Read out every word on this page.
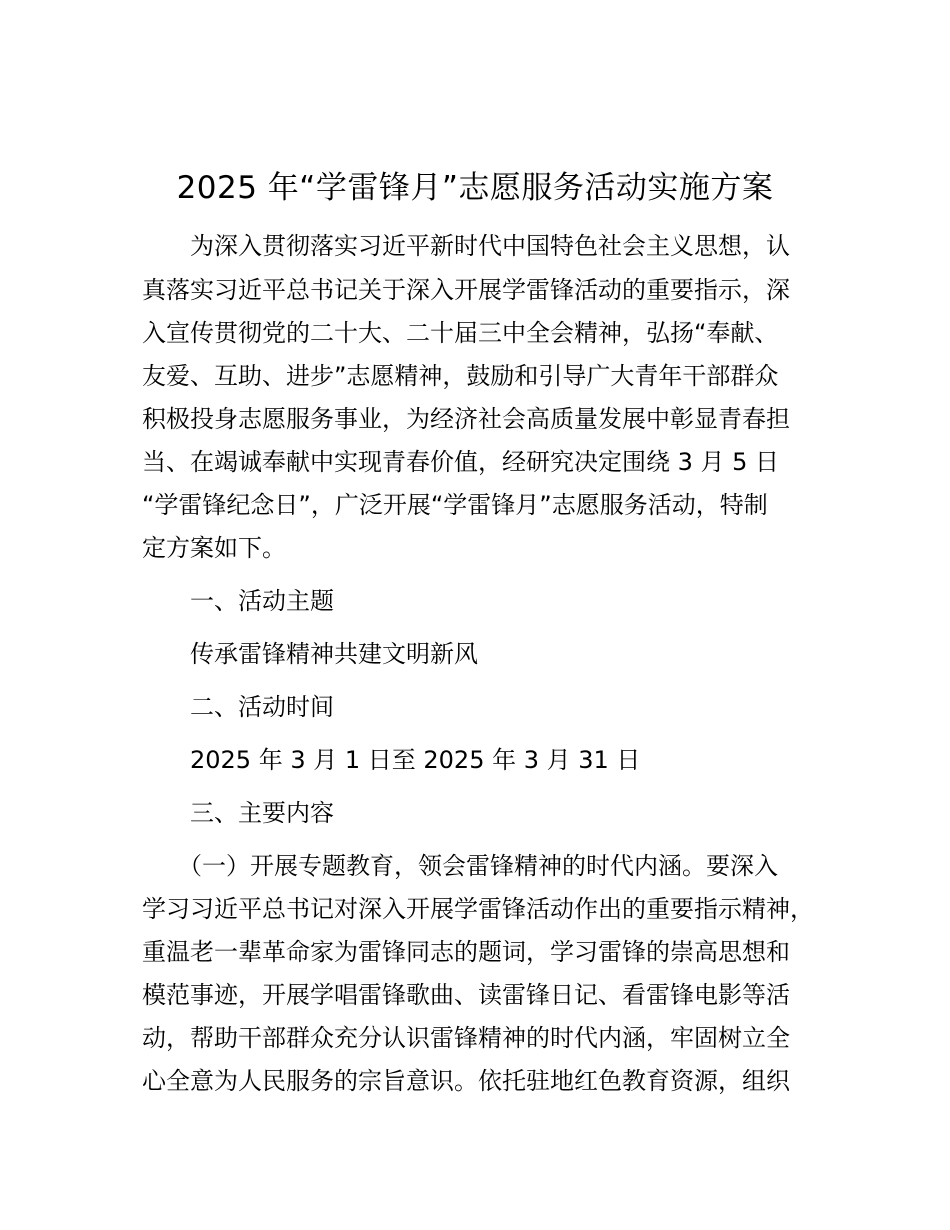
2025 年“学雷锋月”志愿服务活动实施方案

为深入贯彻落实习近平新时代中国特色社会主义思想，认

真落实习近平总书记关于深入开展学雷锋活动的重要指示，深

入宣传贯彻党的二十大、二十届三中全会精神，弘扬“奉献、

友爱、互助、进步”志愿精神，鼓励和引导广大青年干部群众

积极投身志愿服务事业，为经济社会高质量发展中彰显青春担

当、在竭诚奉献中实现青春价值，经研究决定围绕 3 月 5 日

“学雷锋纪念日”，广泛开展“学雷锋月”志愿服务活动，特制

定方案如下。

一、活动主题

传承雷锋精神共建文明新风

二、活动时间

2025 年 3 月 1 日至 2025 年 3 月 31 日

三、主要内容

（一）开展专题教育，领会雷锋精神的时代内涵。要深入

学习习近平总书记对深入开展学雷锋活动作出的重要指示精神，

重温老一辈革命家为雷锋同志的题词，学习雷锋的崇高思想和

模范事迹，开展学唱雷锋歌曲、读雷锋日记、看雷锋电影等活

动，帮助干部群众充分认识雷锋精神的时代内涵，牢固树立全

心全意为人民服务的宗旨意识。依托驻地红色教育资源，组织
